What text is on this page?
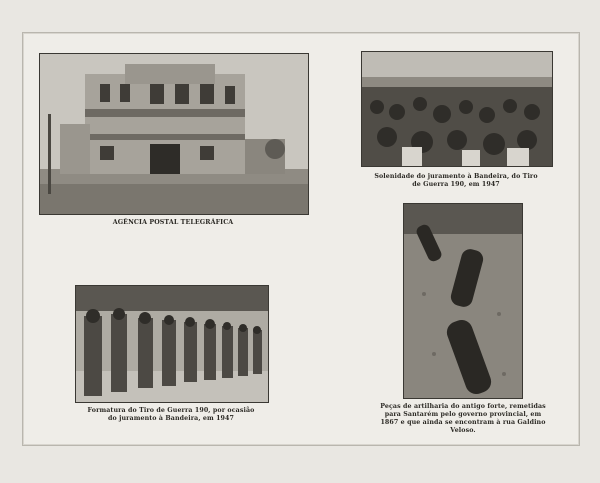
AGÊNCIA POSTAL TELEGRÁFICA
Solenidade do juramento à Bandeira, do Tiro
de Guerra 190, em 1947
Formatura do Tiro de Guerra 190, por ocasião
do juramento à Bandeira, em 1947
Peças de artilharia do antigo forte, remetidas
para Santarém pelo governo provincial, em
1867 e que ainda se encontram à rua Galdino
Veloso.
